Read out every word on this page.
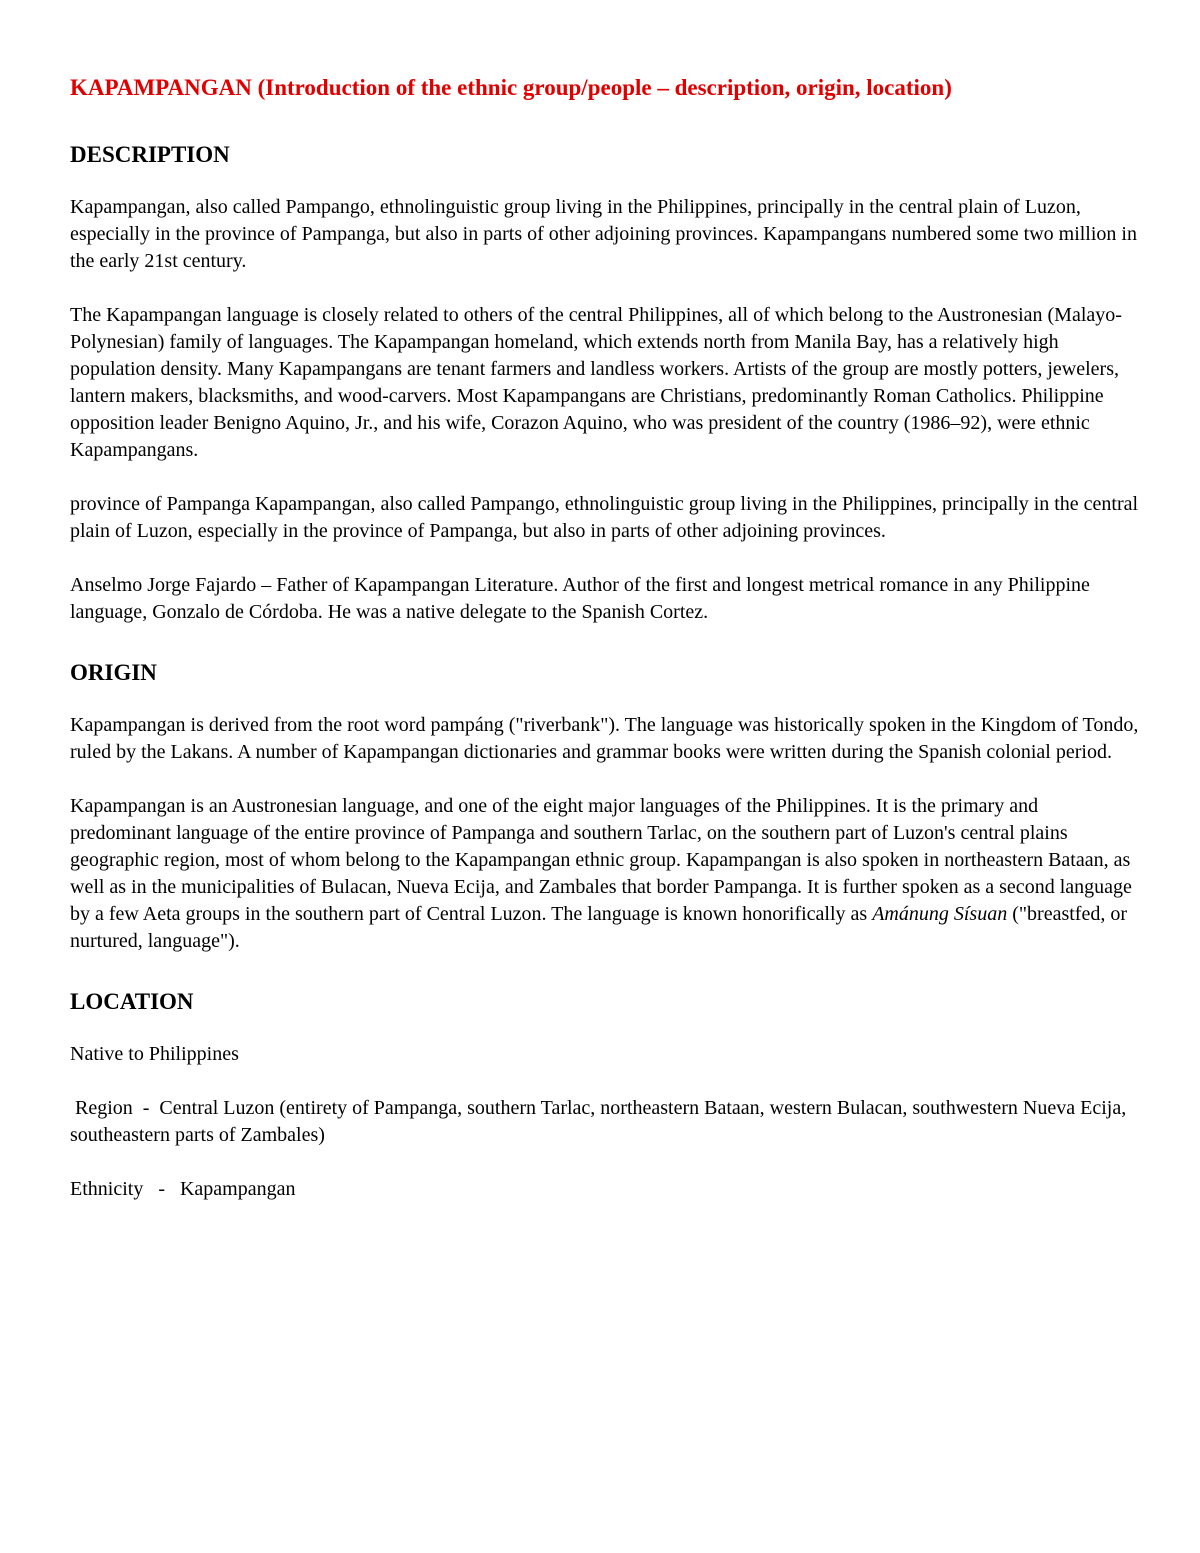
KAPAMPANGAN (Introduction of the ethnic group/people – description, origin, location)
DESCRIPTION

Kapampangan, also called Pampango, ethnolinguistic group living in the Philippines, principally in the central plain of Luzon, especially in the province of Pampanga, but also in parts of other adjoining provinces. Kapampangans numbered some two million in the early 21st century.

The Kapampangan language is closely related to others of the central Philippines, all of which belong to the Austronesian (Malayo-Polynesian) family of languages. The Kapampangan homeland, which extends north from Manila Bay, has a relatively high population density. Many Kapampangans are tenant farmers and landless workers. Artists of the group are mostly potters, jewelers, lantern makers, blacksmiths, and wood-carvers. Most Kapampangans are Christians, predominantly Roman Catholics. Philippine opposition leader Benigno Aquino, Jr., and his wife, Corazon Aquino, who was president of the country (1986–92), were ethnic Kapampangans.

province of Pampanga Kapampangan, also called Pampango, ethnolinguistic group living in the Philippines, principally in the central plain of Luzon, especially in the province of Pampanga, but also in parts of other adjoining provinces.

Anselmo Jorge Fajardo – Father of Kapampangan Literature. Author of the first and longest metrical romance in any Philippine language, Gonzalo de Córdoba. He was a native delegate to the Spanish Cortez.

ORIGIN

Kapampangan is derived from the root word pampáng ("riverbank"). The language was historically spoken in the Kingdom of Tondo, ruled by the Lakans. A number of Kapampangan dictionaries and grammar books were written during the Spanish colonial period.

Kapampangan is an Austronesian language, and one of the eight major languages of the Philippines. It is the primary and predominant language of the entire province of Pampanga and southern Tarlac, on the southern part of Luzon's central plains geographic region, most of whom belong to the Kapampangan ethnic group. Kapampangan is also spoken in northeastern Bataan, as well as in the municipalities of Bulacan, Nueva Ecija, and Zambales that border Pampanga. It is further spoken as a second language by a few Aeta groups in the southern part of Central Luzon. The language is known honorifically as Amánung Sísuan ("breastfed, or nurtured, language").

LOCATION

Native to Philippines

Region  -  Central Luzon (entirety of Pampanga, southern Tarlac, northeastern Bataan, western Bulacan, southwestern Nueva Ecija, southeastern parts of Zambales)

Ethnicity   -   Kapampangan
